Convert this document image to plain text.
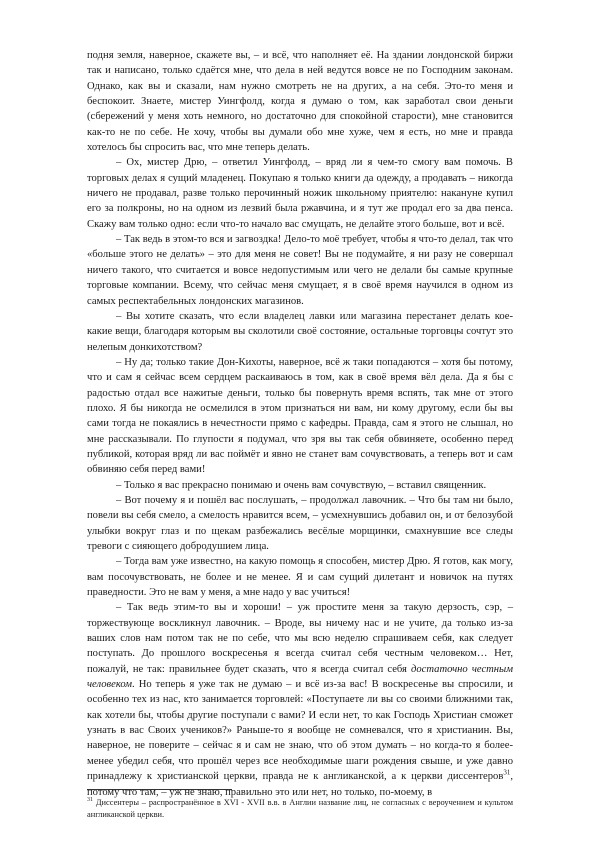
подня земля, наверное, скажете вы, – и всё, что наполняет её. На здании лондонской биржи так и написано, только сдаётся мне, что дела в ней ведутся вовсе не по Господним законам. Однако, как вы и сказали, нам нужно смотреть не на других, а на себя. Это-то меня и беспокоит. Знаете, мистер Уингфолд, когда я думаю о том, как заработал свои деньги (сбережений у меня хоть немного, но достаточно для спокойной старости), мне становится как-то не по себе. Не хочу, чтобы вы думали обо мне хуже, чем я есть, но мне и правда хотелось бы спросить вас, что мне теперь делать.

– Ох, мистер Дрю, – ответил Уингфолд, – вряд ли я чем-то смогу вам помочь. В торговых делах я сущий младенец. Покупаю я только книги да одежду, а продавать – никогда ничего не продавал, разве только перочинный ножик школьному приятелю: накануне купил его за полкроны, но на одном из лезвий была ржавчина, и я тут же продал его за два пенса. Скажу вам только одно: если что-то начало вас смущать, не делайте этого больше, вот и всё.

– Так ведь в этом-то вся и загвоздка! Дело-то моё требует, чтобы я что-то делал, так что «больше этого не делать» – это для меня не совет! Вы не подумайте, я ни разу не совершал ничего такого, что считается и вовсе недопустимым или чего не делали бы самые крупные торговые компании. Всему, что сейчас меня смущает, я в своё время научился в одном из самых респектабельных лондонских магазинов.

– Вы хотите сказать, что если владелец лавки или магазина перестанет делать кое-какие вещи, благодаря которым вы сколотили своё состояние, остальные торговцы сочтут это нелепым донкихотством?

– Ну да; только такие Дон-Кихоты, наверное, всё ж таки попадаются – хотя бы потому, что и сам я сейчас всем сердцем раскаиваюсь в том, как в своё время вёл дела. Да я бы с радостью отдал все нажитые деньги, только бы повернуть время вспять, так мне от этого плохо. Я бы никогда не осмелился в этом признаться ни вам, ни кому другому, если бы вы сами тогда не покаялись в нечестности прямо с кафедры. Правда, сам я этого не слышал, но мне рассказывали. По глупости я подумал, что зря вы так себя обвиняете, особенно перед публикой, которая вряд ли вас поймёт и явно не станет вам сочувствовать, а теперь вот и сам обвиняю себя перед вами!

– Только я вас прекрасно понимаю и очень вам сочувствую, – вставил священник.

– Вот почему я и пошёл вас послушать, – продолжал лавочник. – Что бы там ни было, повели вы себя смело, а смелость нравится всем, – усмехнувшись добавил он, и от белозубой улыбки вокруг глаз и по щекам разбежались весёлые морщинки, смахнувшие все следы тревоги с сияющего добродушием лица.

– Тогда вам уже известно, на какую помощь я способен, мистер Дрю. Я готов, как могу, вам посочувствовать, не более и не менее. Я и сам сущий дилетант и новичок на путях праведности. Это не вам у меня, а мне надо у вас учиться!

– Так ведь этим-то вы и хороши! – уж простите меня за такую дерзость, сэр, – торжествующе воскликнул лавочник. – Вроде, вы ничему нас и не учите, да только из-за ваших слов нам потом так не по себе, что мы всю неделю спрашиваем себя, как следует поступать. До прошлого воскресенья я всегда считал себя честным человеком… Нет, пожалуй, не так: правильнее будет сказать, что я всегда считал себя достаточно честным человеком. Но теперь я уже так не думаю – и всё из-за вас! В воскресенье вы спросили, и особенно тех из нас, кто занимается торговлей: «Поступаете ли вы со своими ближними так, как хотели бы, чтобы другие поступали с вами? И если нет, то как Господь Христиан сможет узнать в вас Своих учеников?» Раньше-то я вообще не сомневался, что я христианин. Вы, наверное, не поверите – сейчас я и сам не знаю, что об этом думать – но когда-то я более-менее убедил себя, что прошёл через все необходимые шаги рождения свыше, и уже давно принадлежу к христианской церкви, правда не к англиканской, а к церкви диссентеров$^{31}$, потому что там, – уж не знаю, правильно это или нет, но только, по-моему, в

$^{31}$ Диссентеры – распространённое в XVI - XVII в.в. в Англии название лиц, не согласных с вероучением и культом англиканской церкви.
